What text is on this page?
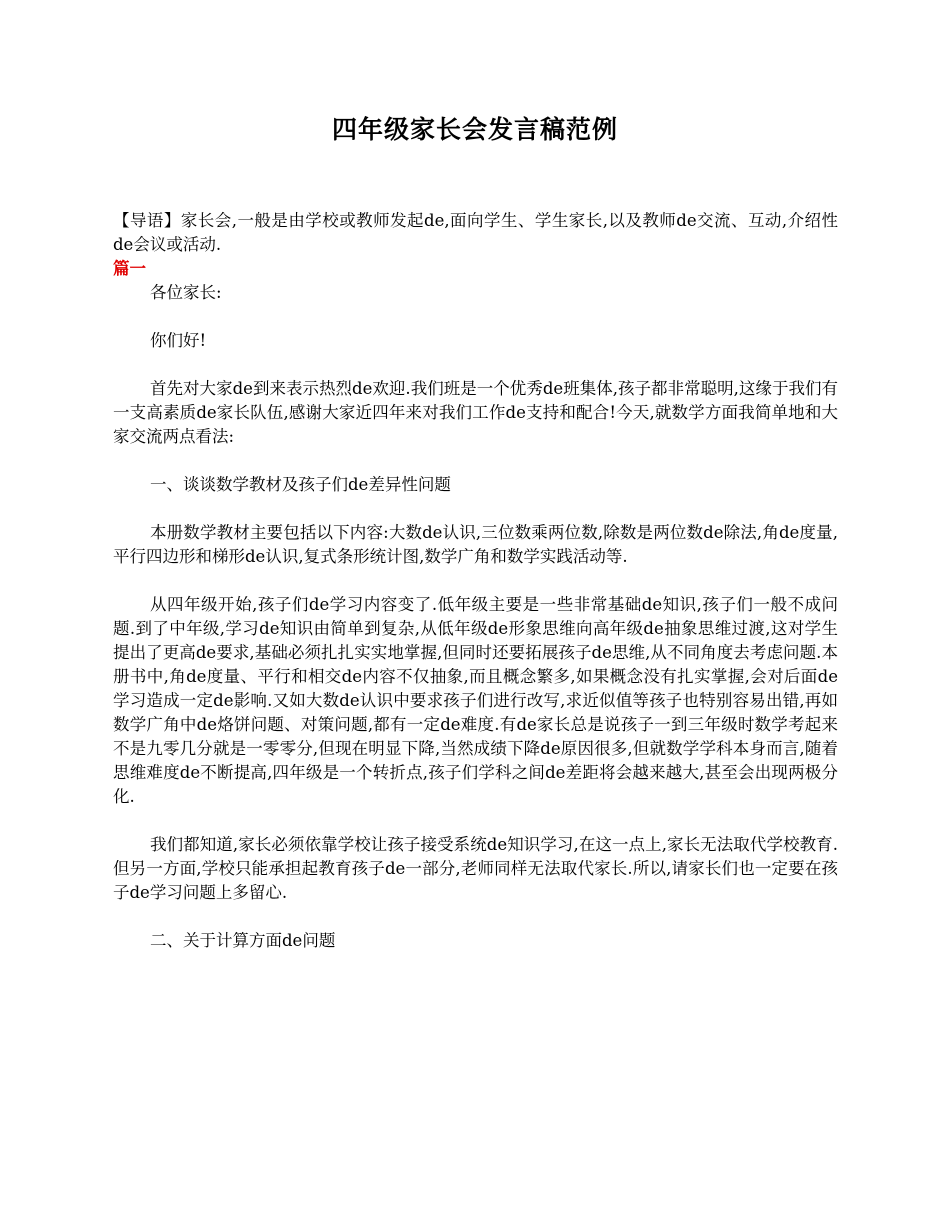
四年级家长会发言稿范例

【导语】家长会,一般是由学校或教师发起de,面向学生、学生家长,以及教师de交流、互动,介绍性de会议或活动.

篇一

各位家长:

你们好!

首先对大家de到来表示热烈de欢迎.我们班是一个优秀de班集体,孩子都非常聪明,这缘于我们有一支高素质de家长队伍,感谢大家近四年来对我们工作de支持和配合!今天,就数学方面我简单地和大家交流两点看法:

一、谈谈数学教材及孩子们de差异性问题

本册数学教材主要包括以下内容:大数de认识,三位数乘两位数,除数是两位数de除法,角de度量,平行四边形和梯形de认识,复式条形统计图,数学广角和数学实践活动等.

从四年级开始,孩子们de学习内容变了.低年级主要是一些非常基础de知识,孩子们一般不成问题.到了中年级,学习de知识由简单到复杂,从低年级de形象思维向高年级de抽象思维过渡,这对学生提出了更高de要求,基础必须扎扎实实地掌握,但同时还要拓展孩子de思维,从不同角度去考虑问题.本册书中,角de度量、平行和相交de内容不仅抽象,而且概念繁多,如果概念没有扎实掌握,会对后面de学习造成一定de影响.又如大数de认识中要求孩子们进行改写,求近似值等孩子也特别容易出错,再如数学广角中de烙饼问题、对策问题,都有一定de难度.有de家长总是说孩子一到三年级时数学考起来不是九零几分就是一零零分,但现在明显下降,当然成绩下降de原因很多,但就数学学科本身而言,随着思维难度de不断提高,四年级是一个转折点,孩子们学科之间de差距将会越来越大,甚至会出现两极分化.

我们都知道,家长必须依靠学校让孩子接受系统de知识学习,在这一点上,家长无法取代学校教育.但另一方面,学校只能承担起教育孩子de一部分,老师同样无法取代家长.所以,请家长们也一定要在孩子de学习问题上多留心.

二、关于计算方面de问题
